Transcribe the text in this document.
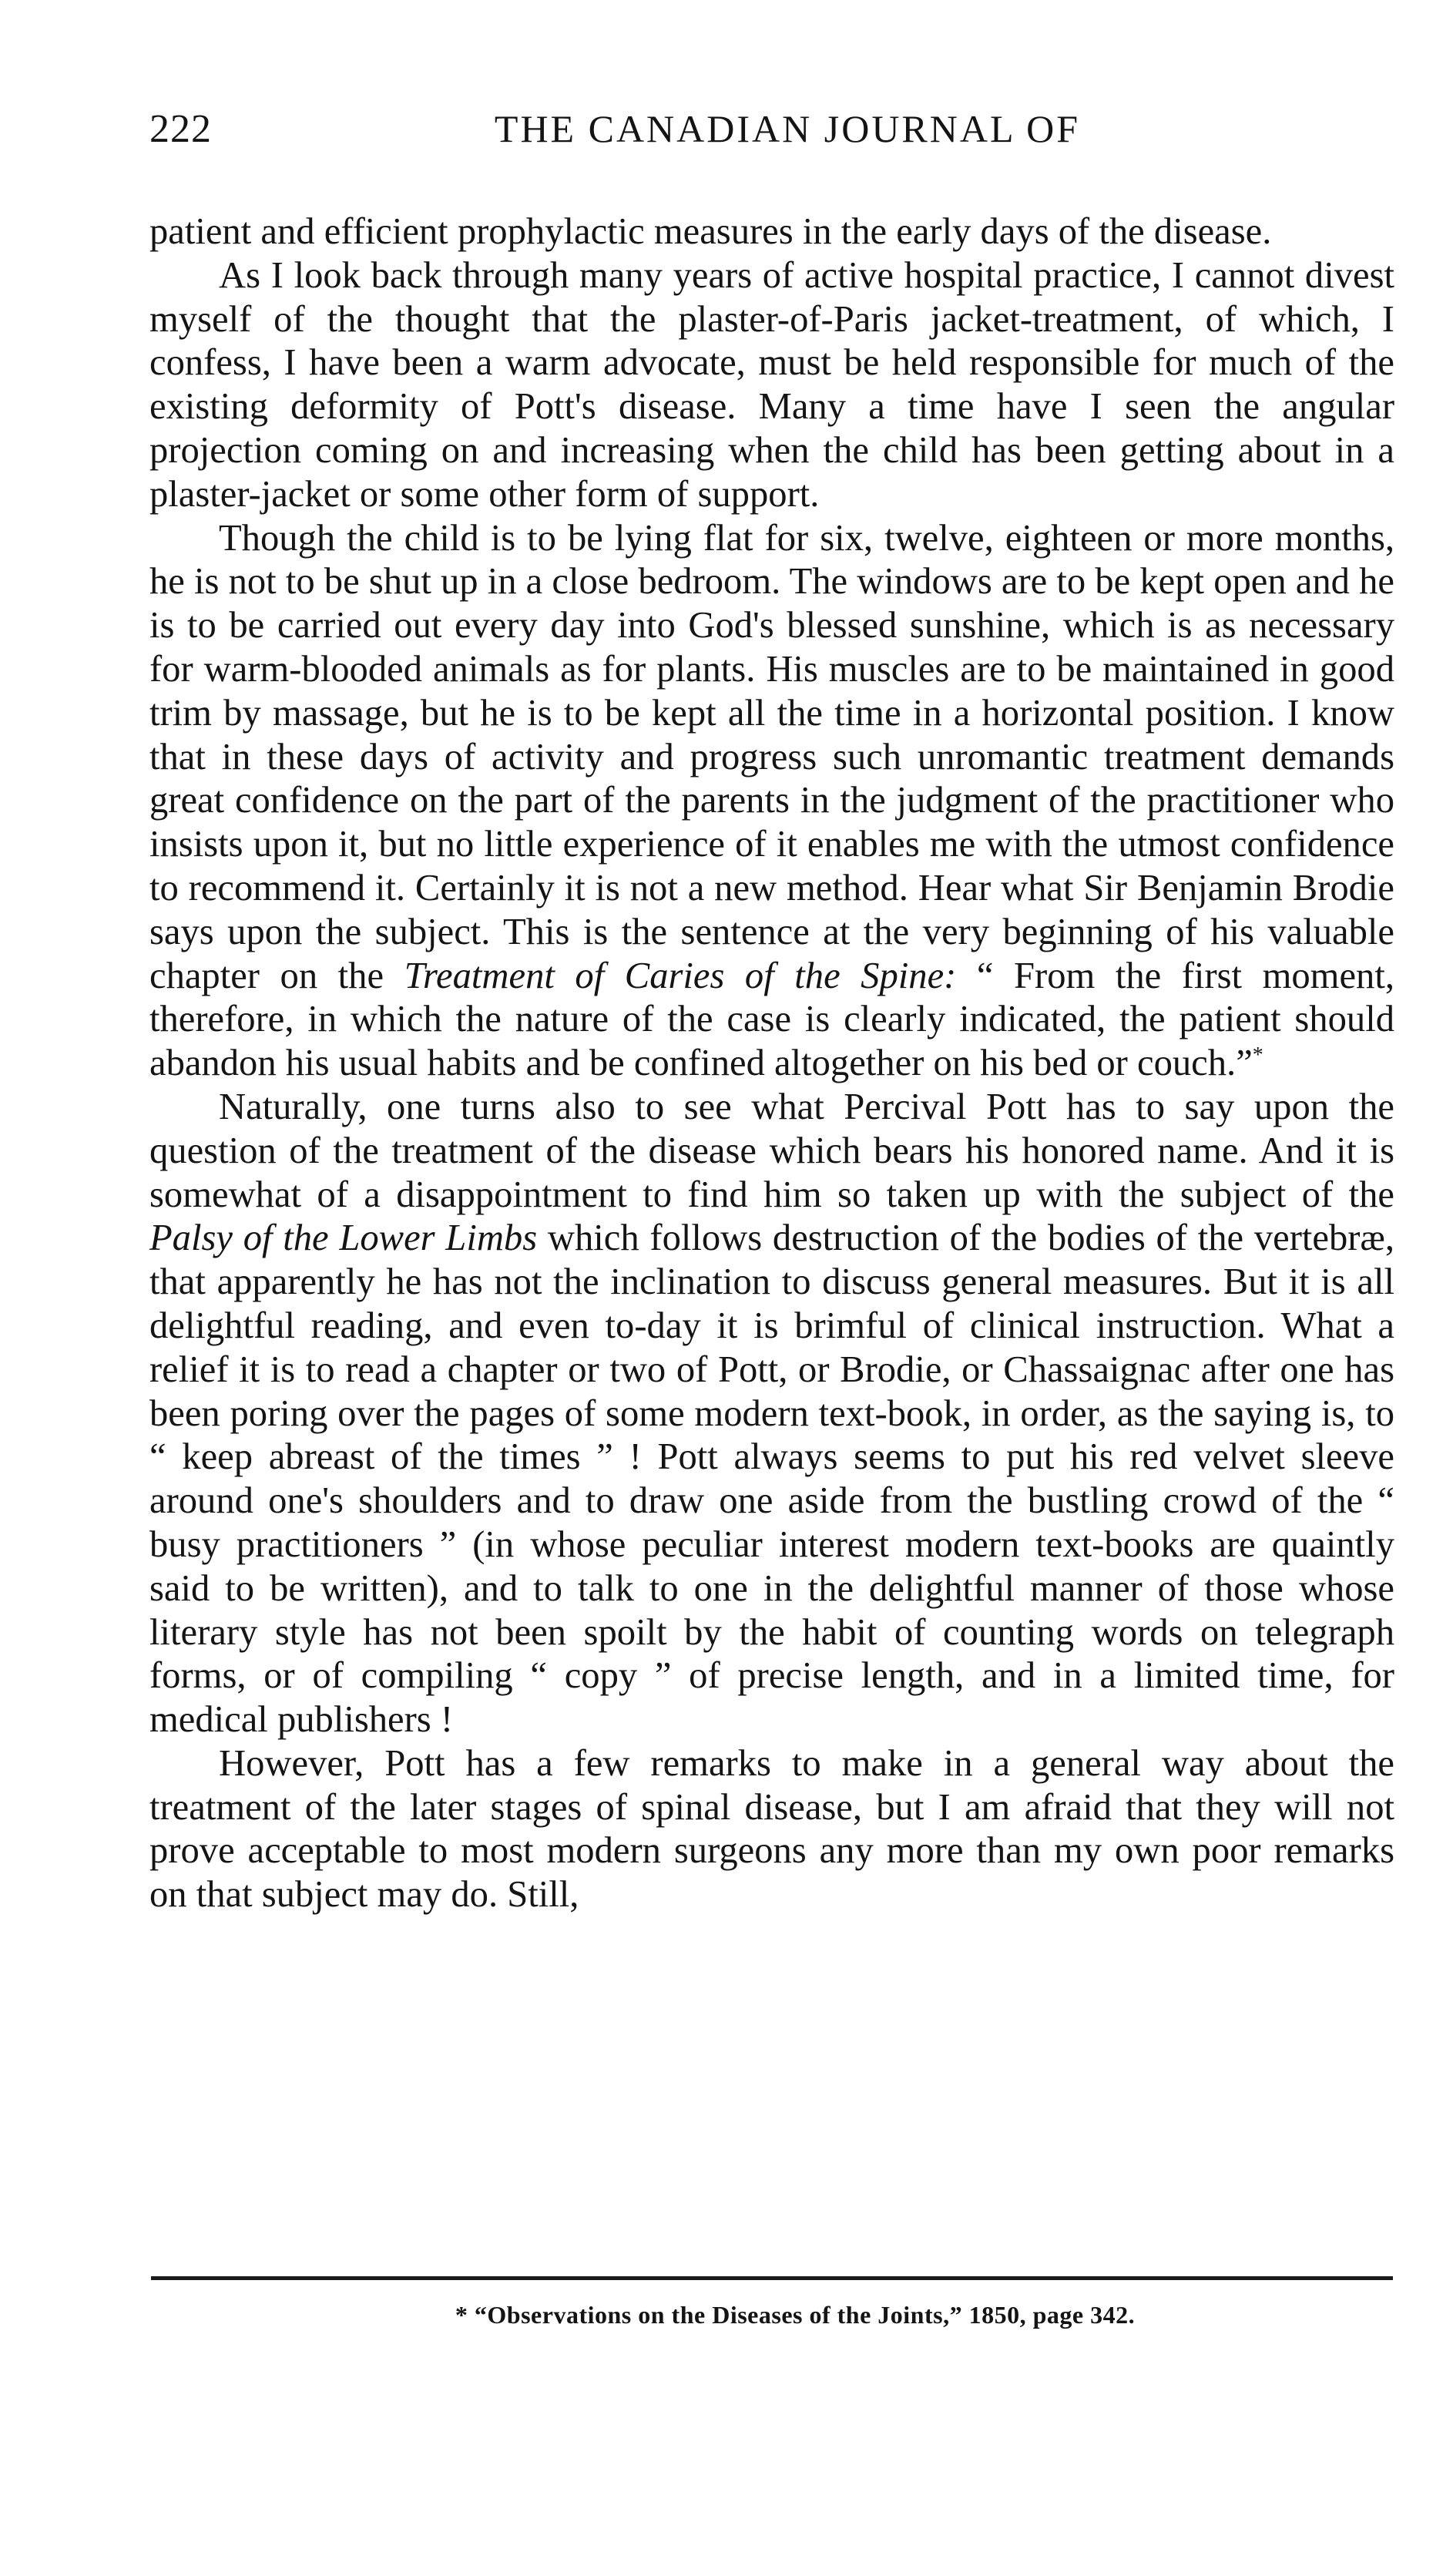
222	THE CANADIAN JOURNAL OF

patient and efficient prophylactic measures in the early days of the disease.

As I look back through many years of active hospital practice, I cannot divest myself of the thought that the plaster-of-Paris jacket-treatment, of which, I confess, I have been a warm advocate, must be held responsible for much of the existing deformity of Pott's disease. Many a time have I seen the angular projection coming on and increasing when the child has been getting about in a plaster-jacket or some other form of support.

Though the child is to be lying flat for six, twelve, eighteen or more months, he is not to be shut up in a close bedroom. The windows are to be kept open and he is to be carried out every day into God's blessed sunshine, which is as necessary for warm-blooded animals as for plants. His muscles are to be maintained in good trim by massage, but he is to be kept all the time in a horizontal position. I know that in these days of activity and progress such unromantic treatment demands great confidence on the part of the parents in the judgment of the practitioner who insists upon it, but no little experience of it enables me with the utmost confidence to recommend it. Certainly it is not a new method. Hear what Sir Benjamin Brodie says upon the subject. This is the sentence at the very beginning of his valuable chapter on the Treatment of Caries of the Spine: “ From the first moment, therefore, in which the nature of the case is clearly indicated, the patient should abandon his usual habits and be confined altogether on his bed or couch.”*

Naturally, one turns also to see what Percival Pott has to say upon the question of the treatment of the disease which bears his honored name. And it is somewhat of a disappointment to find him so taken up with the subject of the Palsy of the Lower Limbs which follows destruction of the bodies of the vertebræ, that apparently he has not the inclination to discuss general measures. But it is all delightful reading, and even to-day it is brimful of clinical instruction. What a relief it is to read a chapter or two of Pott, or Brodie, or Chassaignac after one has been poring over the pages of some modern text-book, in order, as the saying is, to “ keep abreast of the times ” ! Pott always seems to put his red velvet sleeve around one's shoulders and to draw one aside from the bustling crowd of the “ busy practitioners ” (in whose peculiar interest modern text-books are quaintly said to be written), and to talk to one in the delightful manner of those whose literary style has not been spoilt by the habit of counting words on telegraph forms, or of compiling “ copy ” of precise length, and in a limited time, for medical publishers !

However, Pott has a few remarks to make in a general way about the treatment of the later stages of spinal disease, but I am afraid that they will not prove acceptable to most modern surgeons any more than my own poor remarks on that subject may do. Still,

* “Observations on the Diseases of the Joints,” 1850, page 342.
